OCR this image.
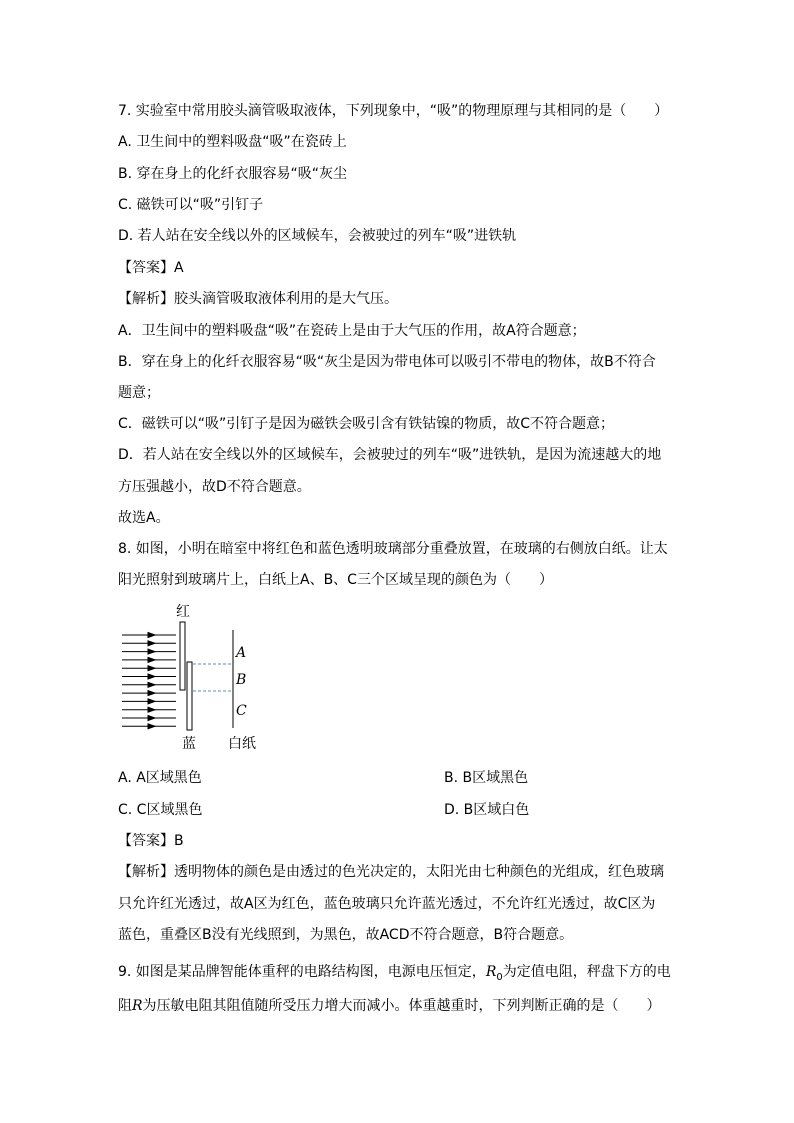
7. 实验室中常用胶头滴管吸取液体，下列现象中，“吸”的物理原理与其相同的是（　　）
A. 卫生间中的塑料吸盘“吸”在瓷砖上
B. 穿在身上的化纤衣服容易“吸“灰尘
C. 磁铁可以“吸”引钉子
D. 若人站在安全线以外的区域候车，会被驶过的列车“吸”进铁轨
【答案】A
【解析】胶头滴管吸取液体利用的是大气压。
A．卫生间中的塑料吸盘“吸”在瓷砖上是由于大气压的作用，故A符合题意；
B．穿在身上的化纤衣服容易“吸“灰尘是因为带电体可以吸引不带电的物体，故B不符合
题意；
C．磁铁可以“吸”引钉子是因为磁铁会吸引含有铁钴镍的物质，故C不符合题意；
D．若人站在安全线以外的区域候车，会被驶过的列车“吸”进铁轨，是因为流速越大的地
方压强越小，故D不符合题意。
故选A。
8. 如图，小明在暗室中将红色和蓝色透明玻璃部分重叠放置，在玻璃的右侧放白纸。让太
阳光照射到玻璃片上，白纸上A、B、C三个区域呈现的颜色为（　　）
红
蓝 白纸
A
B
C
A. A区域黑色	B. B区域黑色
C. C区域黑色	D. B区域白色
【答案】B
【解析】透明物体的颜色是由透过的色光决定的，太阳光由七种颜色的光组成，红色玻璃
只允许红光透过，故A区为红色，蓝色玻璃只允许蓝光透过，不允许红光透过，故C区为
蓝色，重叠区B没有光线照到，为黑色，故ACD不符合题意，B符合题意。
9. 如图是某品牌智能体重秤的电路结构图，电源电压恒定，$R_0$为定值电阻，秤盘下方的电
阻R为压敏电阻其阻值随所受压力增大而减小。体重越重时，下列判断正确的是（　　）
